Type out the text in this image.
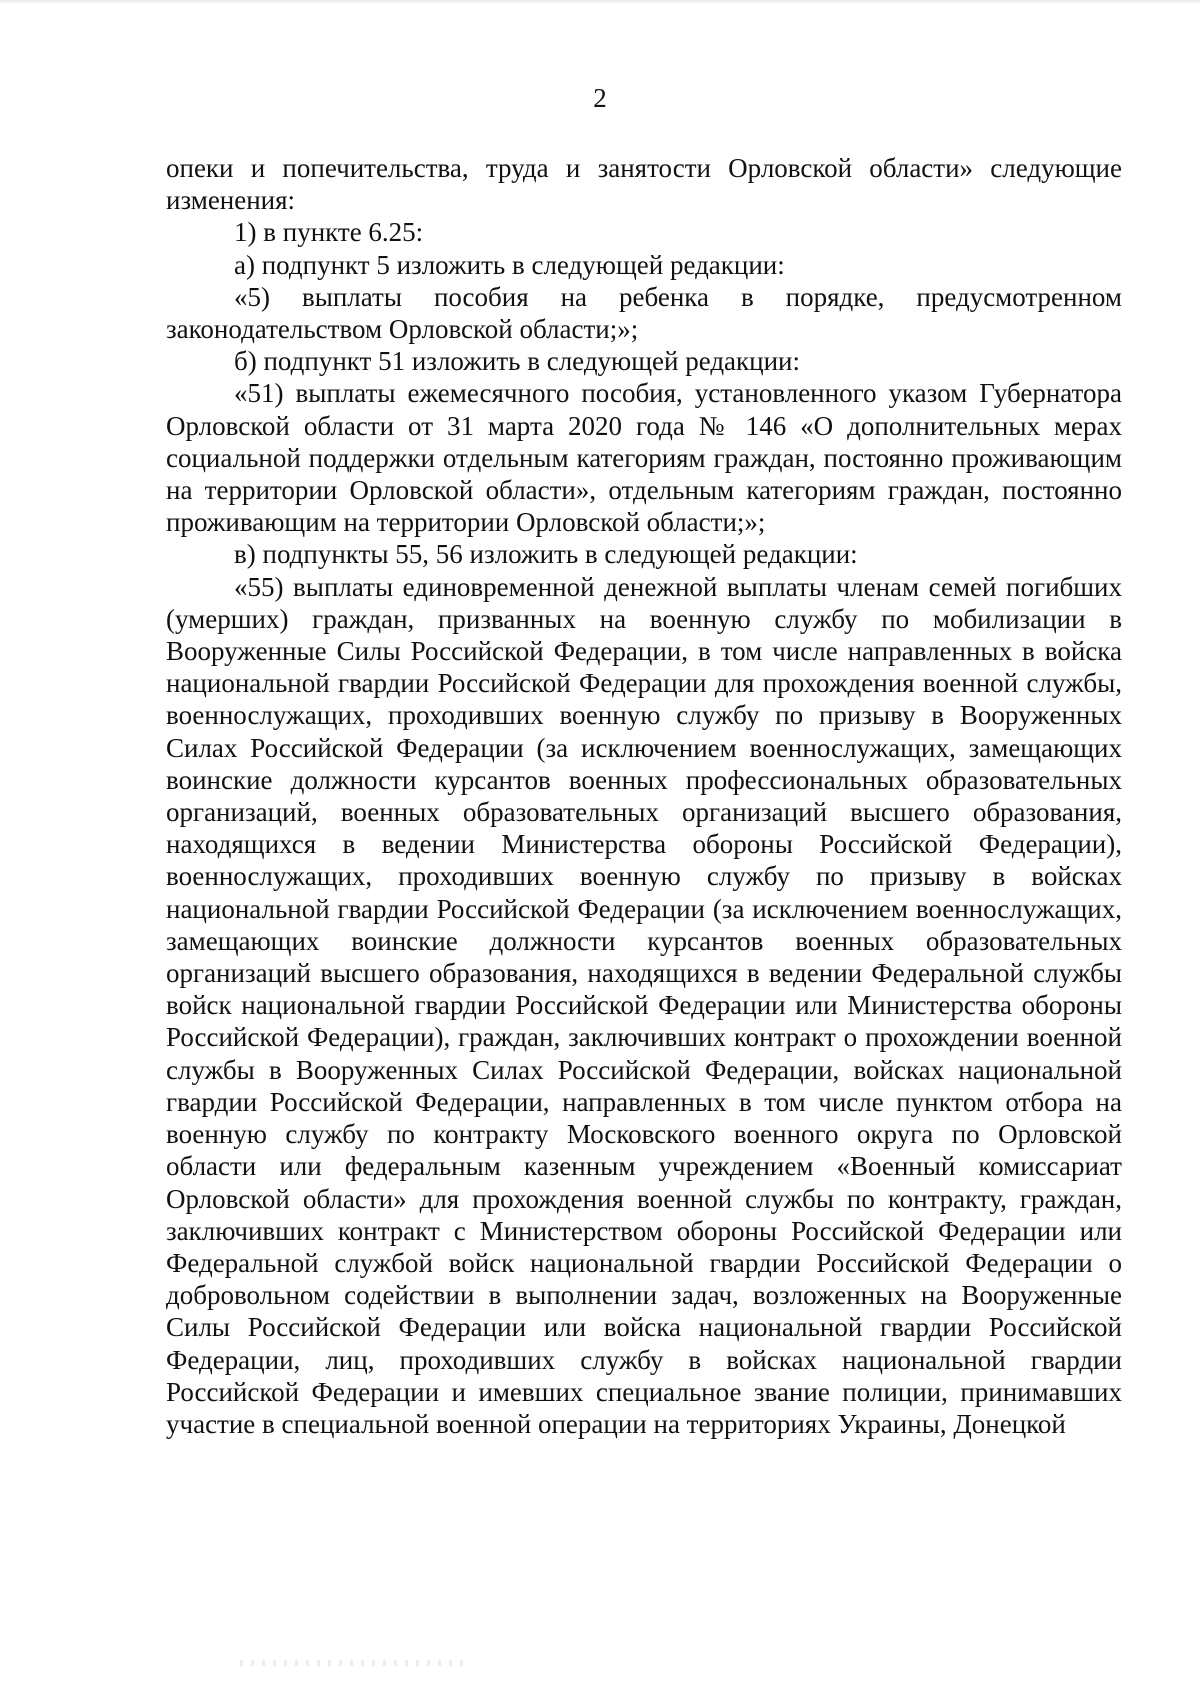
2

опеки и попечительства, труда и занятости Орловской области» следующие изменения:

1) в пункте 6.25:

а) подпункт 5 изложить в следующей редакции:

«5) выплаты пособия на ребенка в порядке, предусмотренном законодательством Орловской области;»;

б) подпункт 51 изложить в следующей редакции:

«51) выплаты ежемесячного пособия, установленного указом Губернатора Орловской области от 31 марта 2020 года № 146 «О дополнительных мерах социальной поддержки отдельным категориям граждан, постоянно проживающим на территории Орловской области», отдельным категориям граждан, постоянно проживающим на территории Орловской области;»;

в) подпункты 55, 56 изложить в следующей редакции:

«55) выплаты единовременной денежной выплаты членам семей погибших (умерших) граждан, призванных на военную службу по мобилизации в Вооруженные Силы Российской Федерации, в том числе направленных в войска национальной гвардии Российской Федерации для прохождения военной службы, военнослужащих, проходивших военную службу по призыву в Вооруженных Силах Российской Федерации (за исключением военнослужащих, замещающих воинские должности курсантов военных профессиональных образовательных организаций, военных образовательных организаций высшего образования, находящихся в ведении Министерства обороны Российской Федерации), военнослужащих, проходивших военную службу по призыву в войсках национальной гвардии Российской Федерации (за исключением военнослужащих, замещающих воинские должности курсантов военных образовательных организаций высшего образования, находящихся в ведении Федеральной службы войск национальной гвардии Российской Федерации или Министерства обороны Российской Федерации), граждан, заключивших контракт о прохождении военной службы в Вооруженных Силах Российской Федерации, войсках национальной гвардии Российской Федерации, направленных в том числе пунктом отбора на военную службу по контракту Московского военного округа по Орловской области или федеральным казенным учреждением «Военный комиссариат Орловской области» для прохождения военной службы по контракту, граждан, заключивших контракт с Министерством обороны Российской Федерации или Федеральной службой войск национальной гвардии Российской Федерации о добровольном содействии в выполнении задач, возложенных на Вооруженные Силы Российской Федерации или войска национальной гвардии Российской Федерации, лиц, проходивших службу в войсках национальной гвардии Российской Федерации и имевших специальное звание полиции, принимавших участие в специальной военной операции на территориях Украины, Донецкой
